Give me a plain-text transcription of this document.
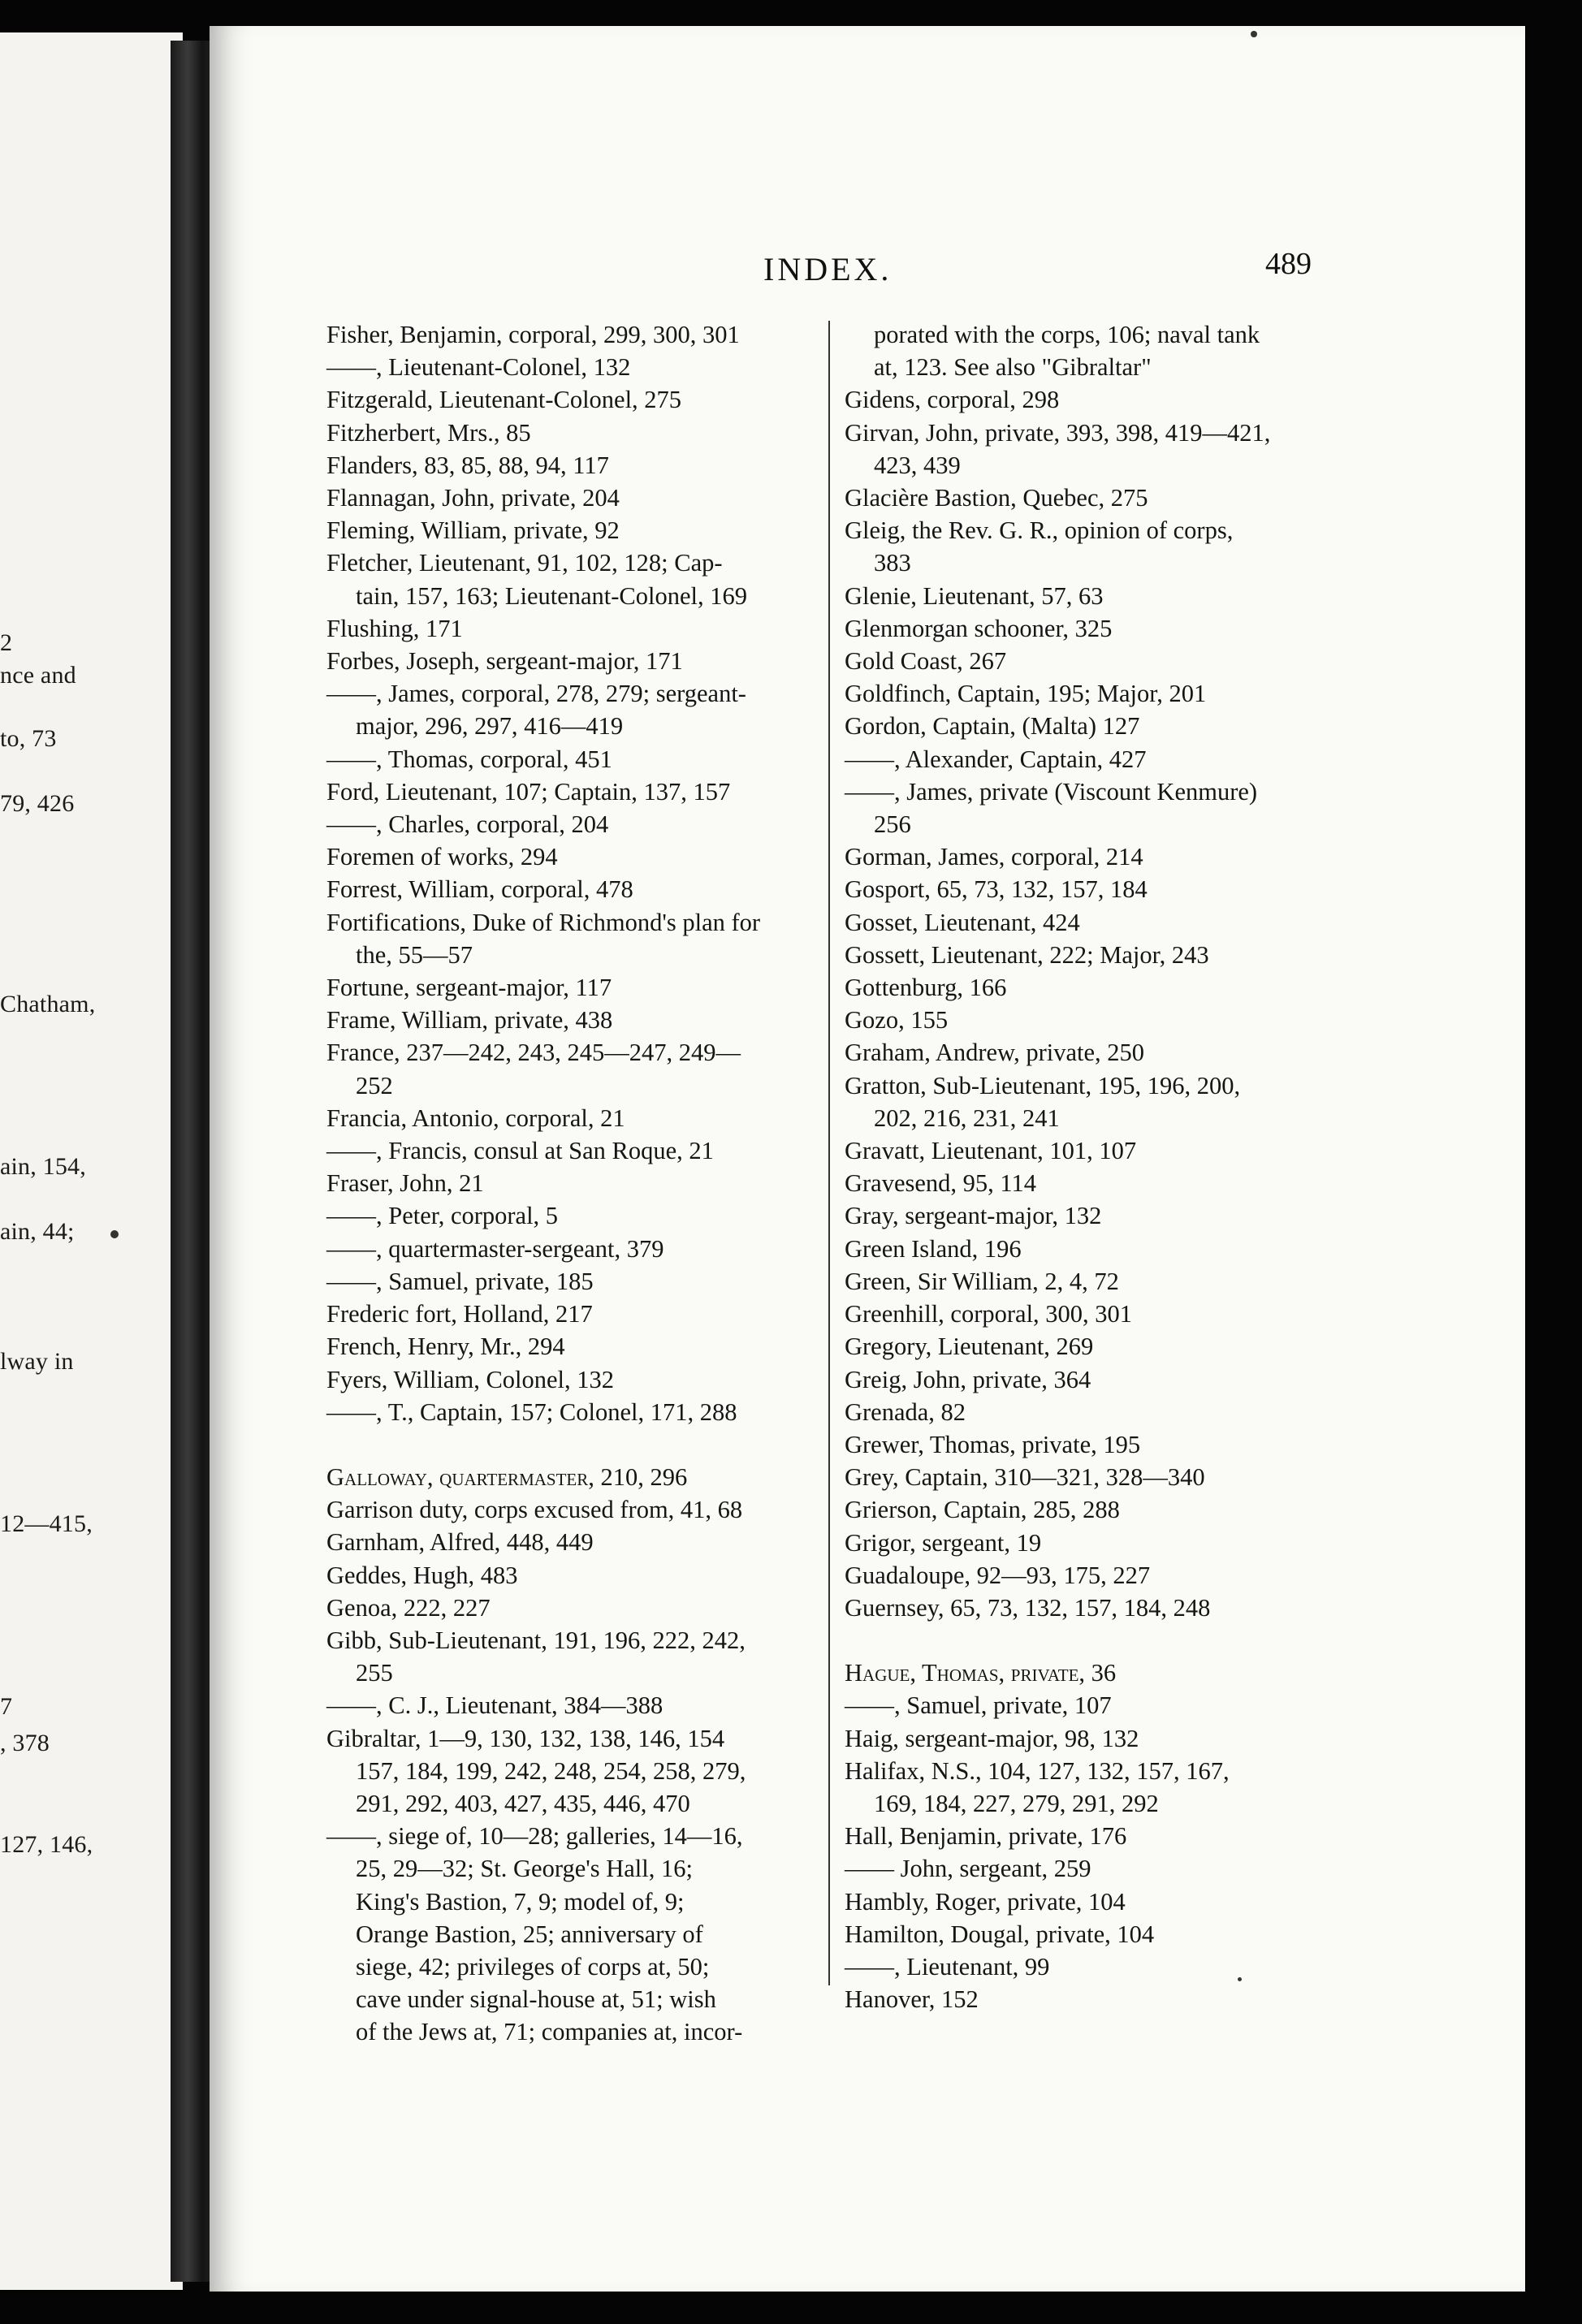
2
nce and
to, 73
79, 426
Chatham,
ain, 154,
ain, 44;
lway in
12—415,
7
, 378
127, 146,
INDEX.	489
Fisher, Benjamin, corporal, 299, 300, 301
——, Lieutenant-Colonel, 132
Fitzgerald, Lieutenant-Colonel, 275
Fitzherbert, Mrs., 85
Flanders, 83, 85, 88, 94, 117
Flannagan, John, private, 204
Fleming, William, private, 92
Fletcher, Lieutenant, 91, 102, 128; Cap-
tain, 157, 163; Lieutenant-Colonel, 169
Flushing, 171
Forbes, Joseph, sergeant-major, 171
——, James, corporal, 278, 279; sergeant-
major, 296, 297, 416—419
——, Thomas, corporal, 451
Ford, Lieutenant, 107; Captain, 137, 157
——, Charles, corporal, 204
Foremen of works, 294
Forrest, William, corporal, 478
Fortifications, Duke of Richmond's plan for
the, 55—57
Fortune, sergeant-major, 117
Frame, William, private, 438
France, 237—242, 243, 245—247, 249—
252
Francia, Antonio, corporal, 21
——, Francis, consul at San Roque, 21
Fraser, John, 21
——, Peter, corporal, 5
——, quartermaster-sergeant, 379
——, Samuel, private, 185
Frederic fort, Holland, 217
French, Henry, Mr., 294
Fyers, William, Colonel, 132
——, T., Captain, 157; Colonel, 171, 288
Galloway, quartermaster, 210, 296
Garrison duty, corps excused from, 41, 68
Garnham, Alfred, 448, 449
Geddes, Hugh, 483
Genoa, 222, 227
Gibb, Sub-Lieutenant, 191, 196, 222, 242,
255
——, C. J., Lieutenant, 384—388
Gibraltar, 1—9, 130, 132, 138, 146, 154
157, 184, 199, 242, 248, 254, 258, 279,
291, 292, 403, 427, 435, 446, 470
——, siege of, 10—28; galleries, 14—16,
25, 29—32; St. George's Hall, 16;
King's Bastion, 7, 9; model of, 9;
Orange Bastion, 25; anniversary of
siege, 42; privileges of corps at, 50;
cave under signal-house at, 51; wish
of the Jews at, 71; companies at, incor-
porated with the corps, 106; naval tank
at, 123. See also "Gibraltar"
Gidens, corporal, 298
Girvan, John, private, 393, 398, 419—421,
423, 439
Glacière Bastion, Quebec, 275
Gleig, the Rev. G. R., opinion of corps,
383
Glenie, Lieutenant, 57, 63
Glenmorgan schooner, 325
Gold Coast, 267
Goldfinch, Captain, 195; Major, 201
Gordon, Captain, (Malta) 127
——, Alexander, Captain, 427
——, James, private (Viscount Kenmure)
256
Gorman, James, corporal, 214
Gosport, 65, 73, 132, 157, 184
Gosset, Lieutenant, 424
Gossett, Lieutenant, 222; Major, 243
Gottenburg, 166
Gozo, 155
Graham, Andrew, private, 250
Gratton, Sub-Lieutenant, 195, 196, 200,
202, 216, 231, 241
Gravatt, Lieutenant, 101, 107
Gravesend, 95, 114
Gray, sergeant-major, 132
Green Island, 196
Green, Sir William, 2, 4, 72
Greenhill, corporal, 300, 301
Gregory, Lieutenant, 269
Greig, John, private, 364
Grenada, 82
Grewer, Thomas, private, 195
Grey, Captain, 310—321, 328—340
Grierson, Captain, 285, 288
Grigor, sergeant, 19
Guadaloupe, 92—93, 175, 227
Guernsey, 65, 73, 132, 157, 184, 248
Hague, Thomas, private, 36
——, Samuel, private, 107
Haig, sergeant-major, 98, 132
Halifax, N.S., 104, 127, 132, 157, 167,
169, 184, 227, 279, 291, 292
Hall, Benjamin, private, 176
—— John, sergeant, 259
Hambly, Roger, private, 104
Hamilton, Dougal, private, 104
——, Lieutenant, 99
Hanover, 152
